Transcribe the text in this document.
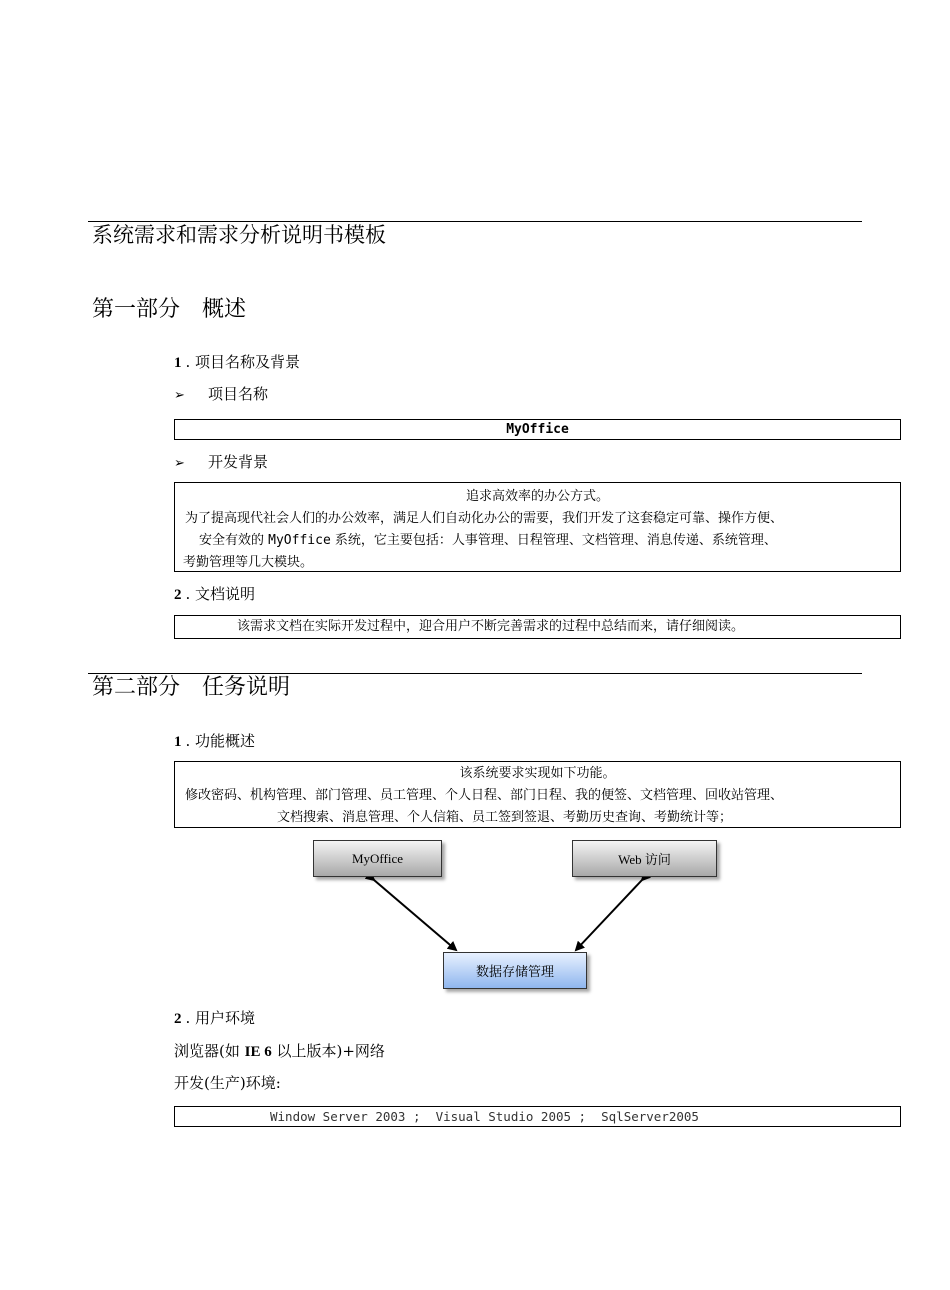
系统需求和需求分析说明书模板
第一部分　概述
1 . 项目名称及背景
➢ 项目名称
MyOffice
➢ 开发背景
追求高效率的办公方式。
为了提高现代社会人们的办公效率，满足人们自动化办公的需要，我们开发了这套稳定可靠、操作方便、
安全有效的 MyOffice 系统，它主要包括：人事管理、日程管理、文档管理、消息传递、系统管理、
考勤管理等几大模块。
2 . 文档说明
该需求文档在实际开发过程中，迎合用户不断完善需求的过程中总结而来，请仔细阅读。
第二部分　任务说明
1 . 功能概述
该系统要求实现如下功能。
修改密码、机构管理、部门管理、员工管理、个人日程、部门日程、我的便签、文档管理、回收站管理、
文档搜索、消息管理、个人信箱、员工签到签退、考勤历史查询、考勤统计等；
MyOffice	Web 访问
数据存储管理
2 . 用户环境
浏览器(如 IE 6 以上版本)+网络
开发(生产)环境:
Window Server 2003 ;  Visual Studio 2005 ;  SqlServer2005
